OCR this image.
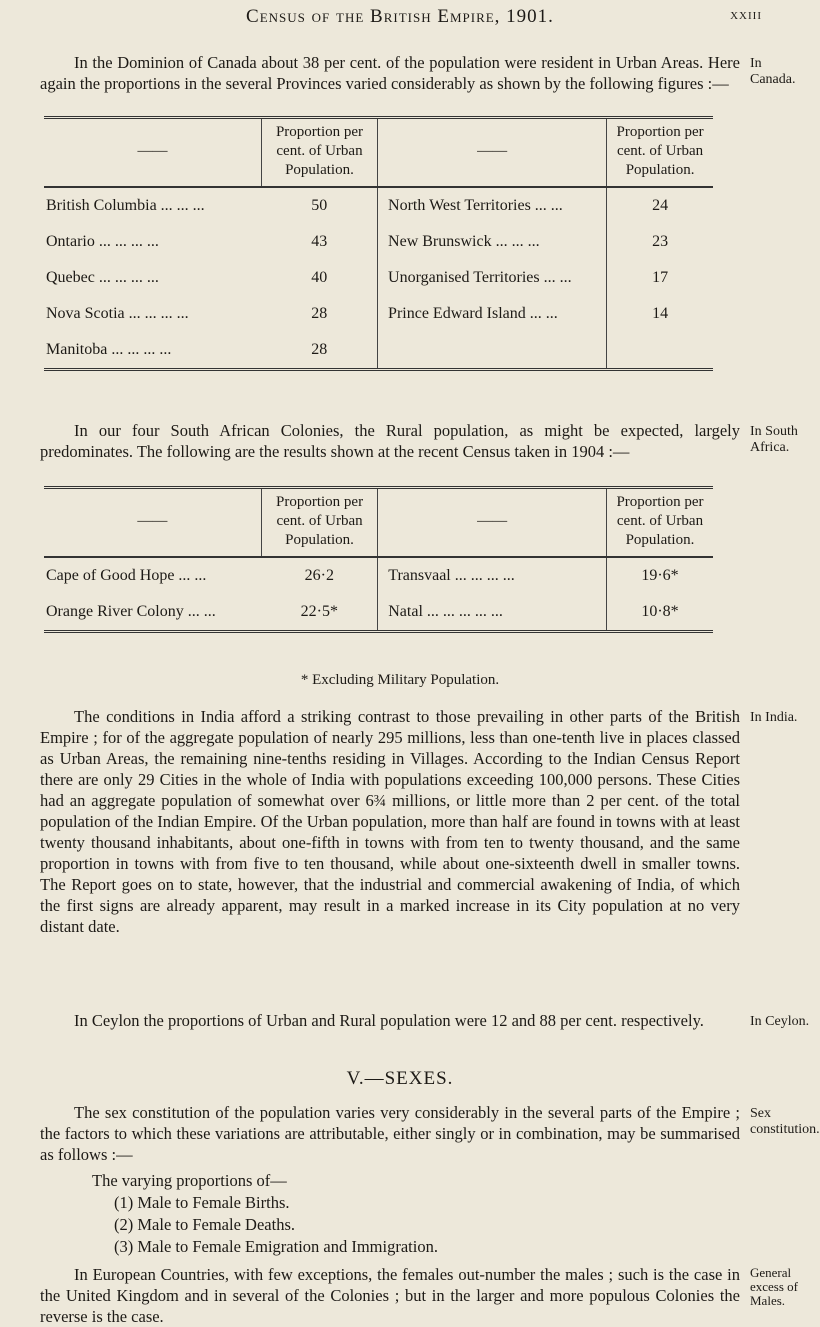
Census of the British Empire, 1901.	xxiii
In the Dominion of Canada about 38 per cent. of the population were resident in Urban Areas. Here again the proportions in the several Provinces varied considerably as shown by the following figures :—
In Canada.
——	Proportion per cent. of Urban Population.	——	Proportion per cent. of Urban Population.
British Columbia ... ... ...	50	North West Territories ... ...	24
Ontario ... ... ... ...	43	New Brunswick ... ... ...	23
Quebec ... ... ... ...	40	Unorganised Territories ... ...	17
Nova Scotia ... ... ... ...	28	Prince Edward Island ... ...	14
Manitoba ... ... ... ...	28		
In our four South African Colonies, the Rural population, as might be expected, largely predominates. The following are the results shown at the recent Census taken in 1904 :—
In South Africa.
——	Proportion per cent. of Urban Population.	——	Proportion per cent. of Urban Population.
Cape of Good Hope ... ...	26·2	Transvaal ... ... ... ...	19·6*
Orange River Colony ... ...	22·5*	Natal ... ... ... ... ...	10·8*
* Excluding Military Population.
The conditions in India afford a striking contrast to those prevailing in other parts of the British Empire ; for of the aggregate population of nearly 295 millions, less than one-tenth live in places classed as Urban Areas, the remaining nine-tenths residing in Villages. According to the Indian Census Report there are only 29 Cities in the whole of India with populations exceeding 100,000 persons. These Cities had an aggregate population of somewhat over 6¾ millions, or little more than 2 per cent. of the total population of the Indian Empire. Of the Urban population, more than half are found in towns with at least twenty thousand inhabitants, about one-fifth in towns with from ten to twenty thousand, and the same proportion in towns with from five to ten thousand, while about one-sixteenth dwell in smaller towns. The Report goes on to state, however, that the industrial and commercial awakening of India, of which the first signs are already apparent, may result in a marked increase in its City population at no very distant date.
In India.
In Ceylon the proportions of Urban and Rural population were 12 and 88 per cent. respectively.	In Ceylon.
V.—SEXES.
The sex constitution of the population varies very considerably in the several parts of the Empire ; the factors to which these variations are attributable, either singly or in combination, may be summarised as follows :—
Sex constitution.
The varying proportions of—
(1) Male to Female Births.
(2) Male to Female Deaths.
(3) Male to Female Emigration and Immigration.
In European Countries, with few exceptions, the females out-number the males ; such is the case in the United Kingdom and in several of the Colonies ; but in the larger and more populous Colonies the reverse is the case.
General excess of Males.
